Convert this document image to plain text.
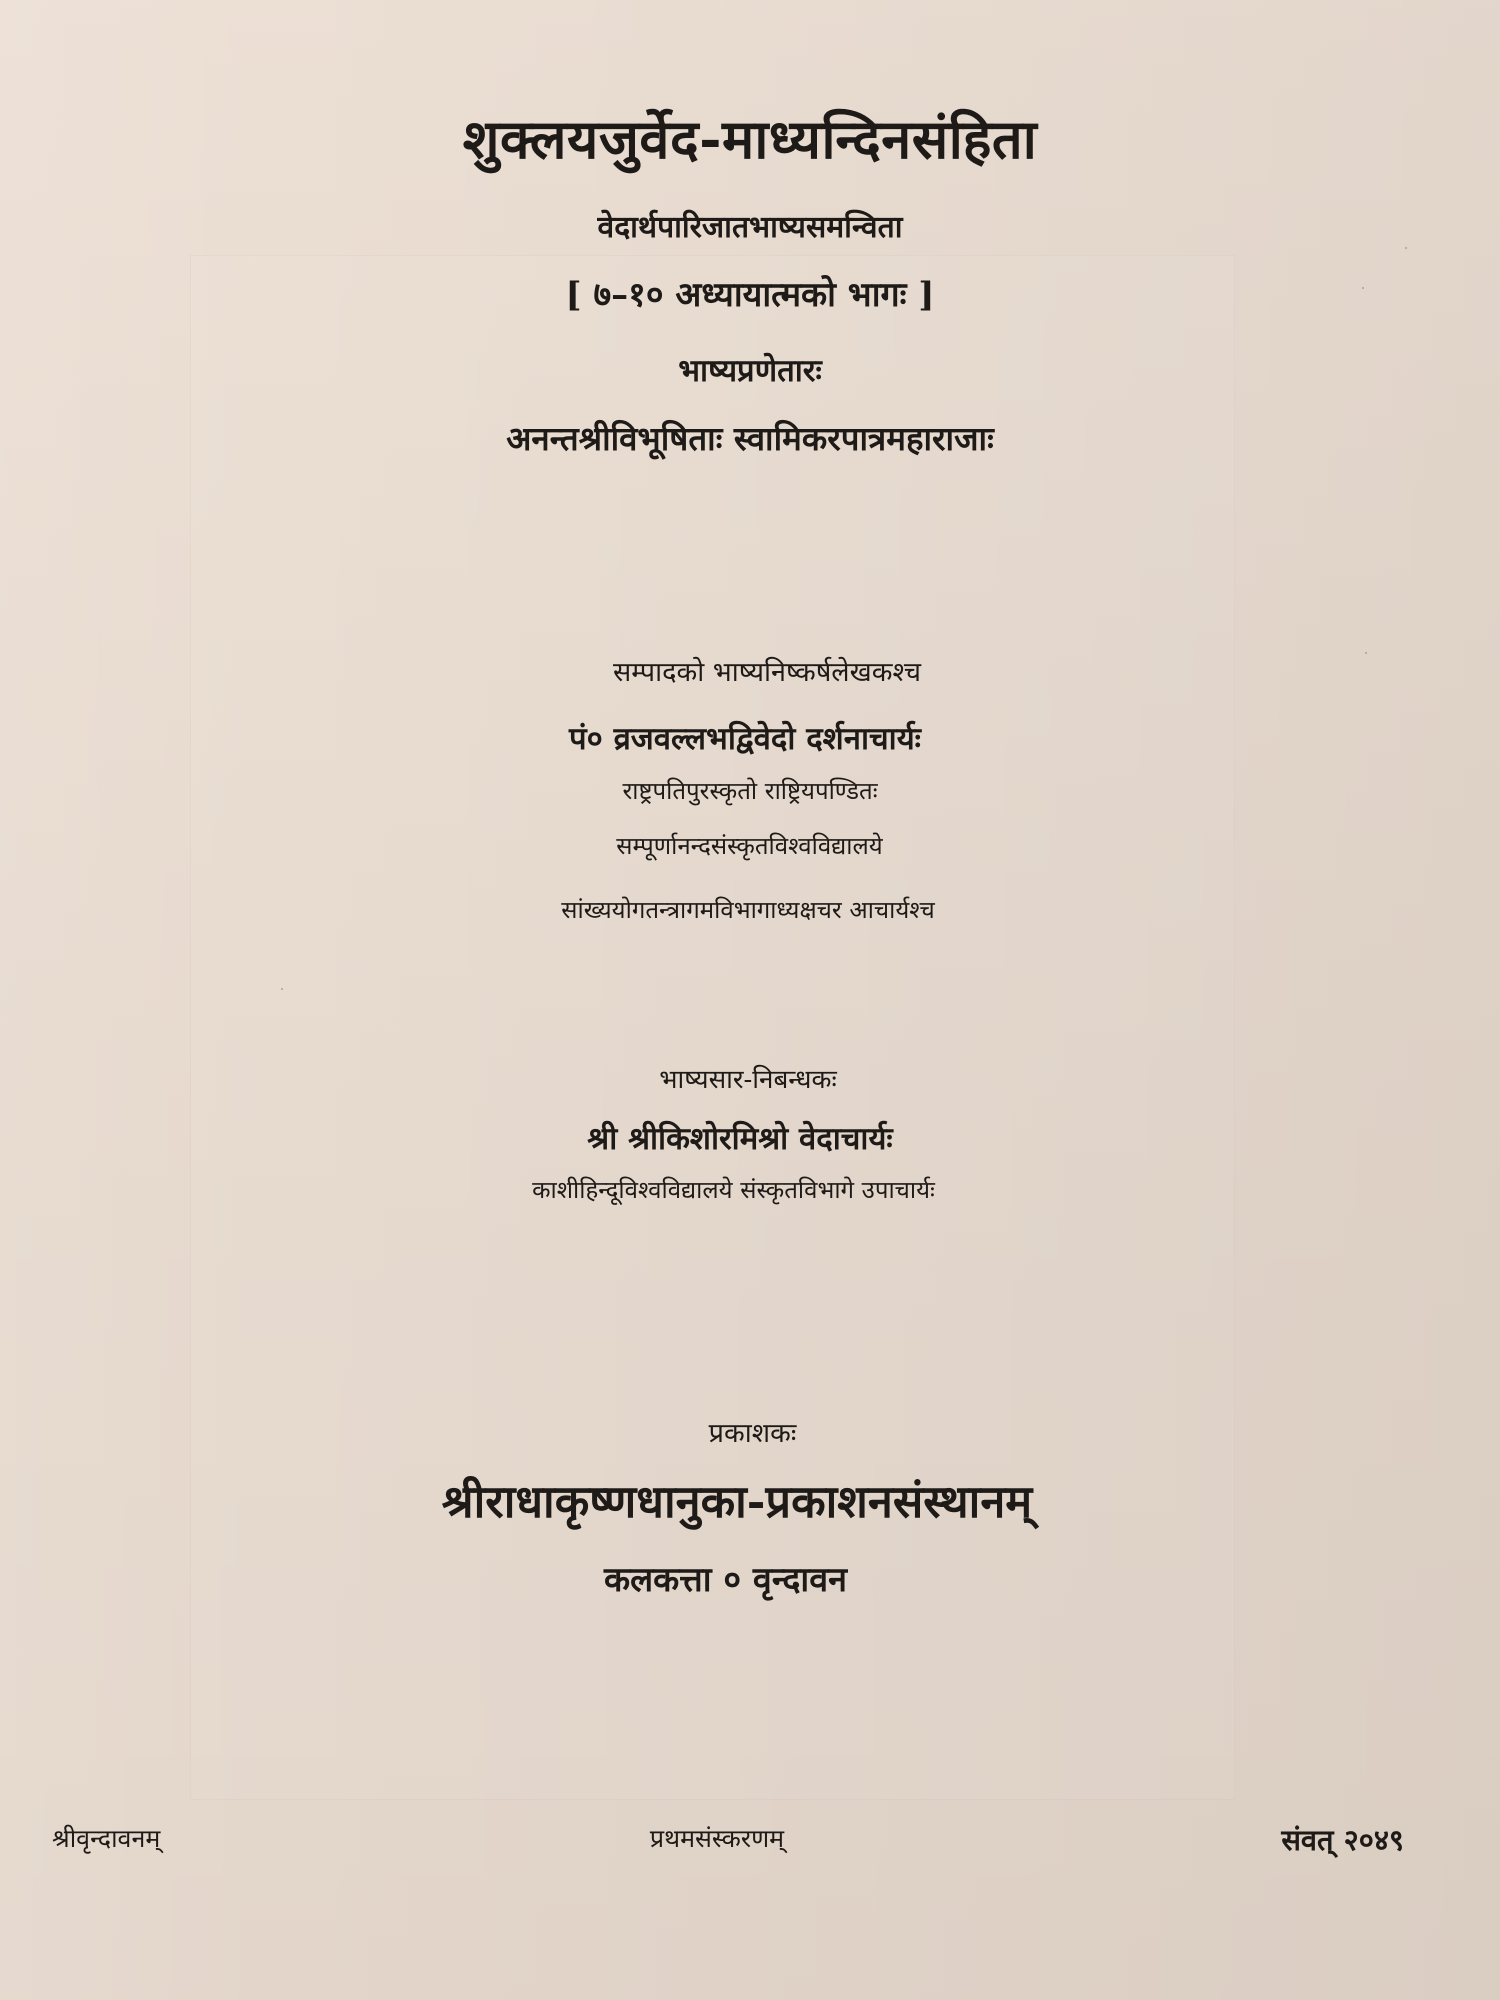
शुक्लयजुर्वेद-माध्यन्दिनसंहिता
वेदार्थपारिजातभाष्यसमन्विता
[ ७–१० अध्यायात्मको भागः ]
भाष्यप्रणेतारः
अनन्तश्रीविभूषिताः स्वामिकरपात्रमहाराजाः
सम्पादको भाष्यनिष्कर्षलेखकश्च
पं० व्रजवल्लभद्विवेदो दर्शनाचार्यः
राष्ट्रपतिपुरस्कृतो राष्ट्रियपण्डितः
सम्पूर्णानन्दसंस्कृतविश्वविद्यालये
सांख्ययोगतन्त्रागमविभागाध्यक्षचर आचार्यश्च
भाष्यसार-निबन्धकः
श्री श्रीकिशोरमिश्रो वेदाचार्यः
काशीहिन्दूविश्वविद्यालये संस्कृतविभागे उपाचार्यः
प्रकाशकः
श्रीराधाकृष्णधानुका-प्रकाशनसंस्थानम्
कलकत्ता ० वृन्दावन
श्रीवृन्दावनम्	प्रथमसंस्करणम्	संवत् २०४९
